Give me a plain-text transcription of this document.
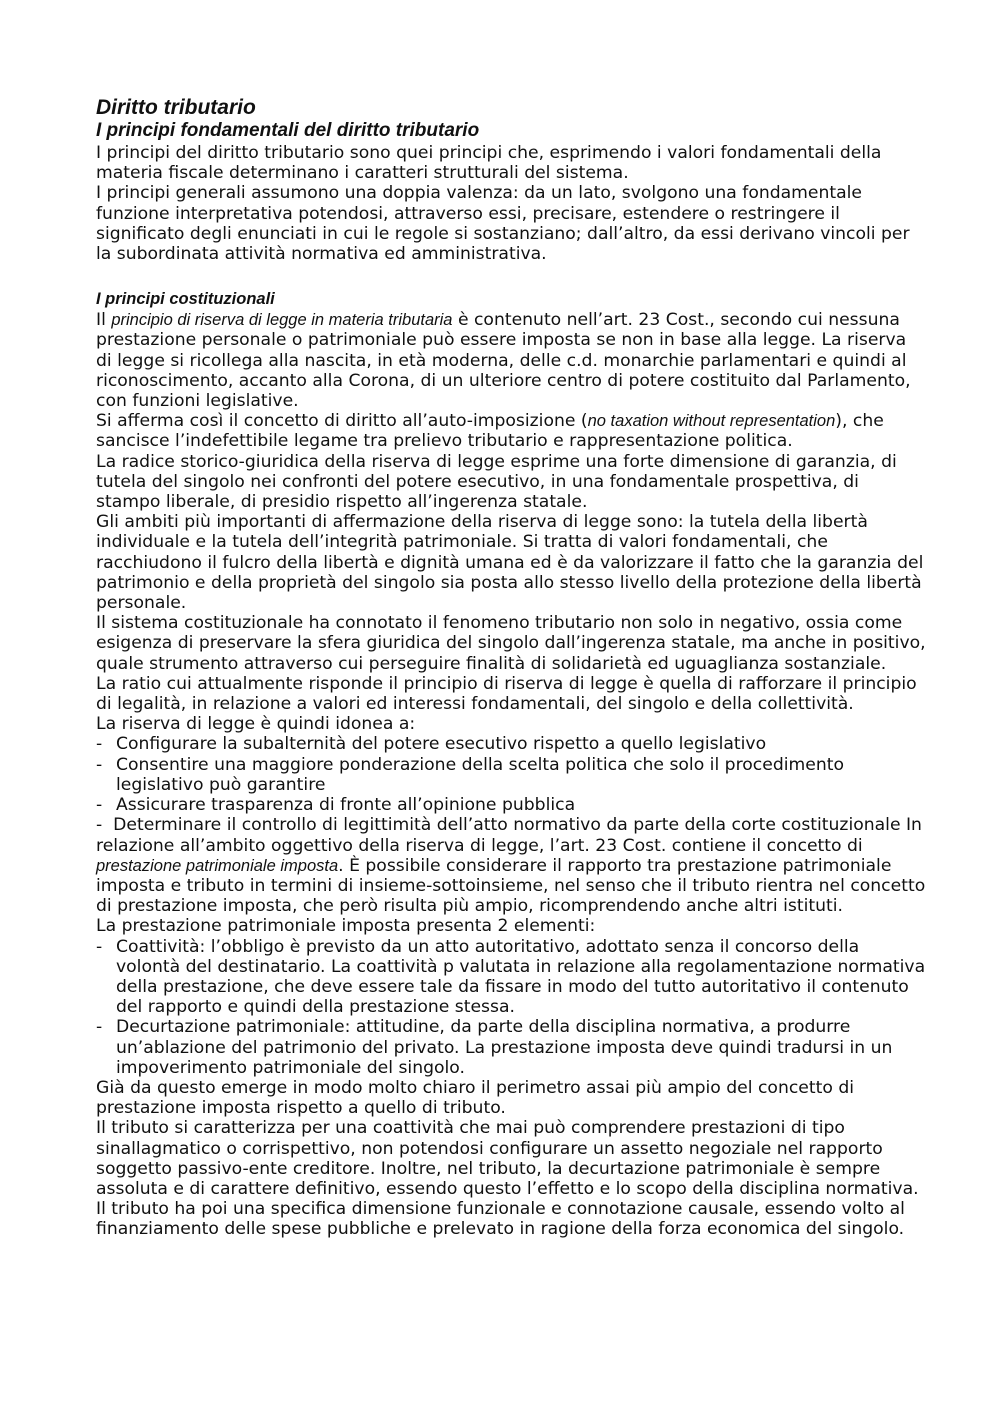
Diritto tributario
I principi fondamentali del diritto tributario

I principi del diritto tributario sono quei principi che, esprimendo i valori fondamentali della materia fiscale determinano i caratteri strutturali del sistema.

I principi generali assumono una doppia valenza: da un lato, svolgono una fondamentale funzione interpretativa potendosi, attraverso essi, precisare, estendere o restringere il significato degli enunciati in cui le regole si sostanziano; dall’altro, da essi derivano vincoli per la subordinata attività normativa ed amministrativa.

I principi costituzionali

Il principio di riserva di legge in materia tributaria è contenuto nell’art. 23 Cost., secondo cui nessuna prestazione personale o patrimoniale può essere imposta se non in base alla legge. La riserva di legge si ricollega alla nascita, in età moderna, delle c.d. monarchie parlamentari e quindi al riconoscimento, accanto alla Corona, di un ulteriore centro di potere costituito dal Parlamento, con funzioni legislative.

Si afferma così il concetto di diritto all’auto-imposizione (no taxation without representation), che sancisce l’indefettibile legame tra prelievo tributario e rappresentazione politica.

La radice storico-giuridica della riserva di legge esprime una forte dimensione di garanzia, di tutela del singolo nei confronti del potere esecutivo, in una fondamentale prospettiva, di stampo liberale, di presidio rispetto all’ingerenza statale.

Gli ambiti più importanti di affermazione della riserva di legge sono: la tutela della libertà individuale e la tutela dell’integrità patrimoniale. Si tratta di valori fondamentali, che racchiudono il fulcro della libertà e dignità umana ed è da valorizzare il fatto che la garanzia del patrimonio e della proprietà del singolo sia posta allo stesso livello della protezione della libertà personale.

Il sistema costituzionale ha connotato il fenomeno tributario non solo in negativo, ossia come esigenza di preservare la sfera giuridica del singolo dall’ingerenza statale, ma anche in positivo, quale strumento attraverso cui perseguire finalità di solidarietà ed uguaglianza sostanziale.

La ratio cui attualmente risponde il principio di riserva di legge è quella di rafforzare il principio di legalità, in relazione a valori ed interessi fondamentali, del singolo e della collettività.

La riserva di legge è quindi idonea a:

- Configurare la subalternità del potere esecutivo rispetto a quello legislativo
- Consentire una maggiore ponderazione della scelta politica che solo il procedimento legislativo può garantire
- Assicurare trasparenza di fronte all’opinione pubblica

- Determinare il controllo di legittimità dell’atto normativo da parte della corte costituzionale In relazione all’ambito oggettivo della riserva di legge, l’art. 23 Cost. contiene il concetto di

prestazione patrimoniale imposta. È possibile considerare il rapporto tra prestazione patrimoniale imposta e tributo in termini di insieme-sottoinsieme, nel senso che il tributo rientra nel concetto di prestazione imposta, che però risulta più ampio, ricomprendendo anche altri istituti.

La prestazione patrimoniale imposta presenta 2 elementi:

- Coattività: l’obbligo è previsto da un atto autoritativo, adottato senza il concorso della volontà del destinatario. La coattività p valutata in relazione alla regolamentazione normativa della prestazione, che deve essere tale da fissare in modo del tutto autoritativo il contenuto del rapporto e quindi della prestazione stessa.
- Decurtazione patrimoniale: attitudine, da parte della disciplina normativa, a produrre un’ablazione del patrimonio del privato. La prestazione imposta deve quindi tradursi in un impoverimento patrimoniale del singolo.

Già da questo emerge in modo molto chiaro il perimetro assai più ampio del concetto di prestazione imposta rispetto a quello di tributo.

Il tributo si caratterizza per una coattività che mai può comprendere prestazioni di tipo sinallagmatico o corrispettivo, non potendosi configurare un assetto negoziale nel rapporto soggetto passivo-ente creditore. Inoltre, nel tributo, la decurtazione patrimoniale è sempre assoluta e di carattere definitivo, essendo questo l’effetto e lo scopo della disciplina normativa. Il tributo ha poi una specifica dimensione funzionale e connotazione causale, essendo volto al finanziamento delle spese pubbliche e prelevato in ragione della forza economica del singolo.
